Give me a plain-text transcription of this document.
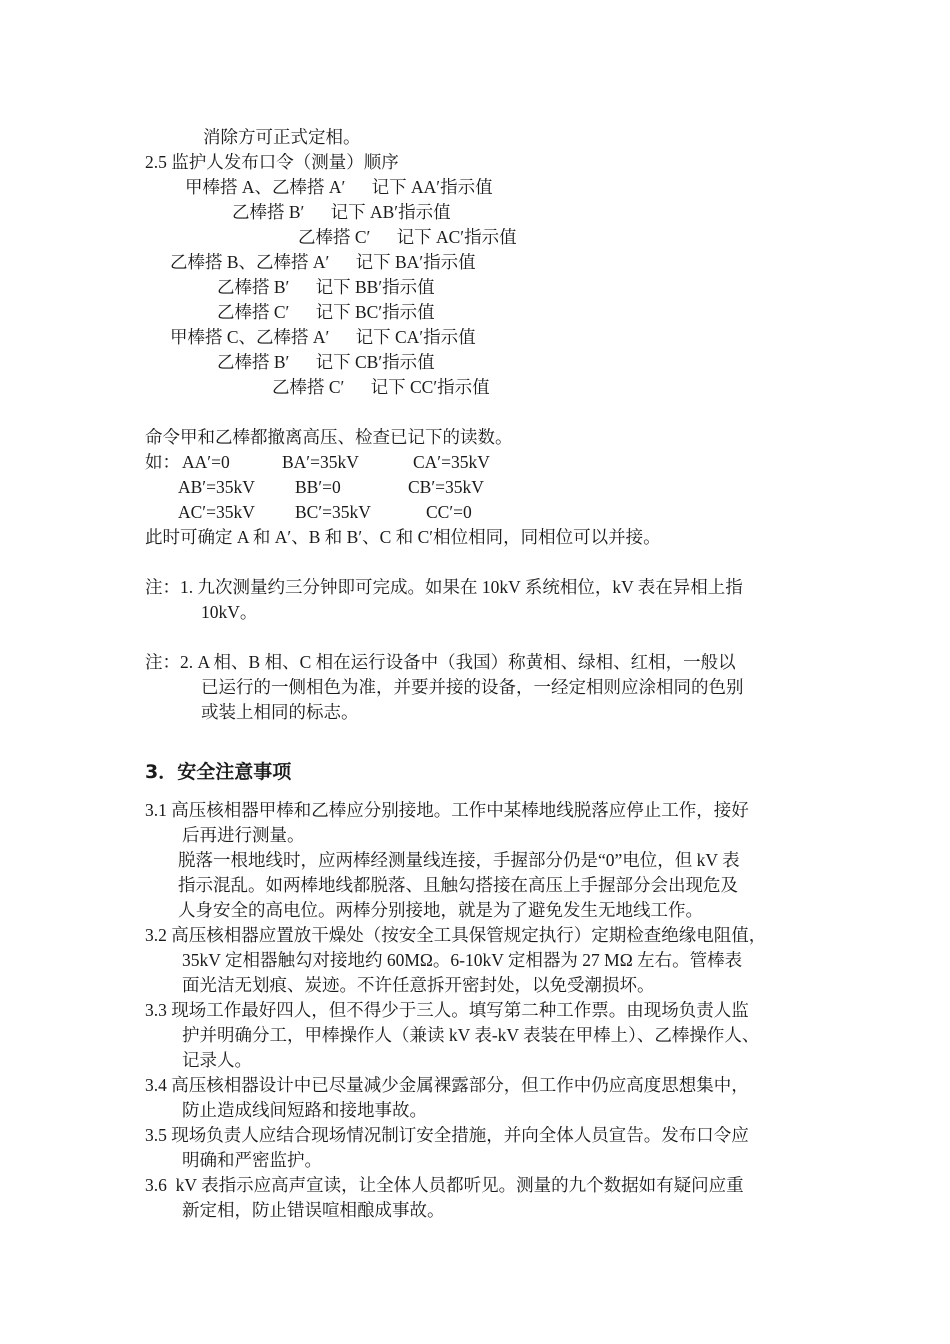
消除方可正式定相。
2.5 监护人发布口令（测量）顺序
甲棒搭 A、乙棒搭 A′      记下 AA′指示值
乙棒搭 B′      记下 AB′指示值
乙棒搭 C′      记下 AC′指示值
乙棒搭 B、乙棒搭 A′      记下 BA′指示值
乙棒搭 B′      记下 BB′指示值
乙棒搭 C′      记下 BC′指示值
甲棒搭 C、乙棒搭 A′      记下 CA′指示值
乙棒搭 B′      记下 CB′指示值
乙棒搭 C′      记下 CC′指示值
命令甲和乙棒都撤离高压、检查已记下的读数。
如： AA′=0	BA′=35kV	CA′=35kV
AB′=35kV BB′=0	CB′=35kV
AC′=35kV BC′=35kV	CC′=0
此时可确定 A 和 A′、B 和 B′、C 和 C′相位相同，同相位可以并接。
注：1. 九次测量约三分钟即可完成。如果在 10kV 系统相位，kV 表在异相上指
10kV。
注：2. A 相、B 相、C 相在运行设备中（我国）称黄相、绿相、红相，一般以
已运行的一侧相色为准，并要并接的设备，一经定相则应涂相同的色别
或装上相同的标志。
3．安全注意事项
3.1 高压核相器甲棒和乙棒应分别接地。工作中某棒地线脱落应停止工作，接好
后再进行测量。
脱落一根地线时，应两棒经测量线连接，手握部分仍是“0”电位，但 kV 表
指示混乱。如两棒地线都脱落、且触勾搭接在高压上手握部分会出现危及
人身安全的高电位。两棒分别接地，就是为了避免发生无地线工作。
3.2 高压核相器应置放干燥处（按安全工具保管规定执行）定期检查绝缘电阻值，
35kV 定相器触勾对接地约 60MΩ。6-10kV 定相器为 27 MΩ 左右。管棒表
面光洁无划痕、炭迹。不许任意拆开密封处，以免受潮损坏。
3.3 现场工作最好四人，但不得少于三人。填写第二种工作票。由现场负责人监
护并明确分工，甲棒操作人（兼读 kV 表-kV 表装在甲棒上）、乙棒操作人、
记录人。
3.4 高压核相器设计中已尽量减少金属裸露部分，但工作中仍应高度思想集中，
防止造成线间短路和接地事故。
3.5 现场负责人应结合现场情况制订安全措施，并向全体人员宣告。发布口令应
明确和严密监护。
3.6  kV 表指示应高声宣读，让全体人员都听见。测量的九个数据如有疑问应重
新定相，防止错误喧相酿成事故。
